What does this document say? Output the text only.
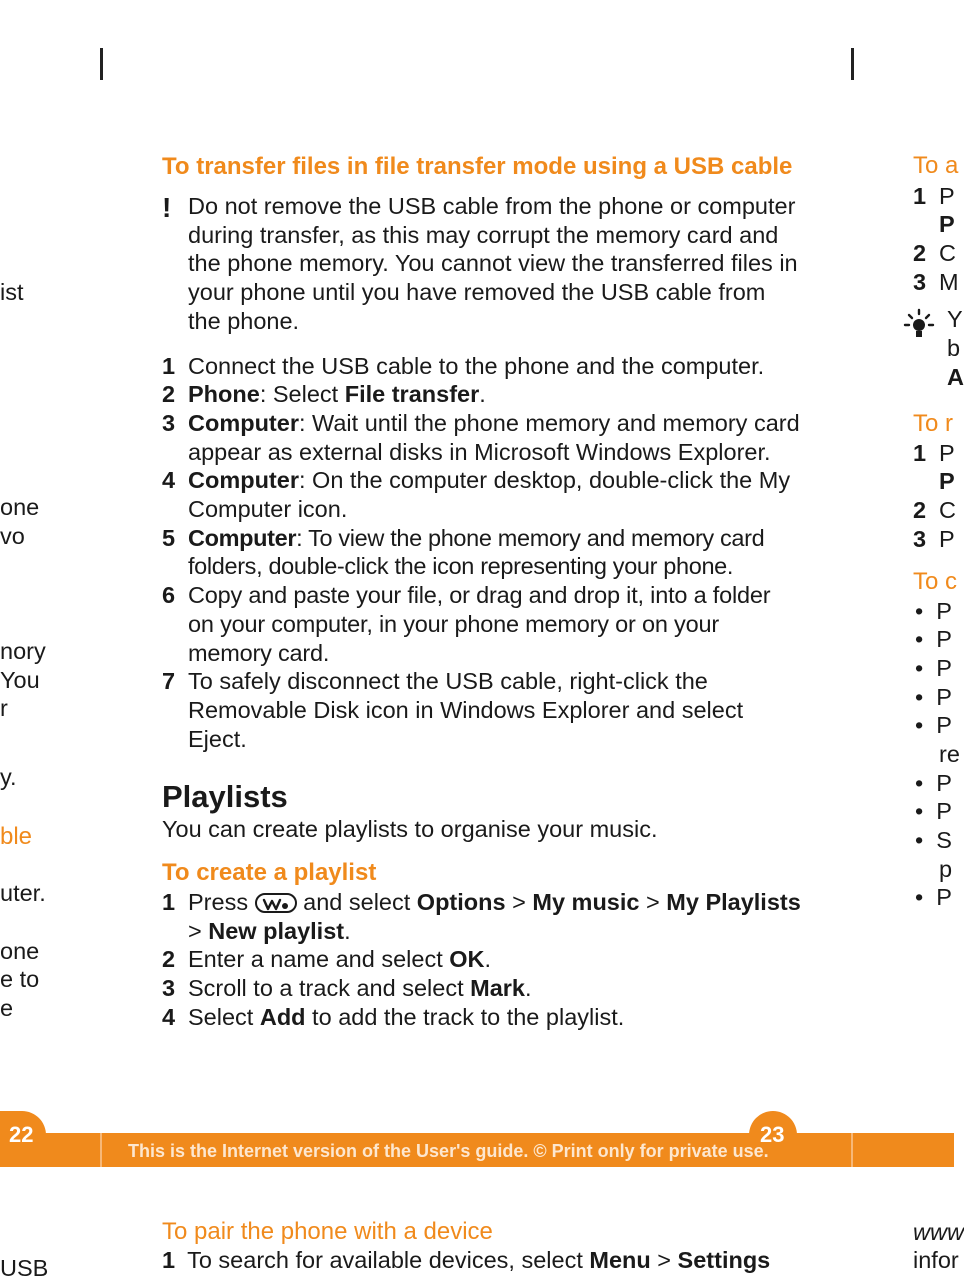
ist
one
vo
nory
You
r
y.
ble
uter.
one
e to
e
USB
To transfer files in file transfer mode using a USB cable
! Do not remove the USB cable from the phone or computer during transfer, as this may corrupt the memory card and the phone memory. You cannot view the transferred files in your phone until you have removed the USB cable from the phone.
1 Connect the USB cable to the phone and the computer.
2 Phone: Select File transfer.
3 Computer: Wait until the phone memory and memory card appear as external disks in Microsoft Windows Explorer.
4 Computer: On the computer desktop, double-click the My Computer icon.
5 Computer: To view the phone memory and memory card folders, double-click the icon representing your phone.
6 Copy and paste your file, or drag and drop it, into a folder on your computer, in your phone memory or on your memory card.
7 To safely disconnect the USB cable, right-click the Removable Disk icon in Windows Explorer and select Eject.
Playlists
You can create playlists to organise your music.
To create a playlist
1 Press
and select Options > My music > My Playlists > New playlist.
2 Enter a name and select OK.
3 Scroll to a track and select Mark.
4 Select Add to add the track to the playlist.
To pair the phone with a device
1 To search for available devices, select Menu > Settings
To a
1 P
P
2 C
3 M
Y
b
A
To r
1 P
P
2 C
3 P
To c
•  P
•  P
•  P
•  P
•  P
re
•  P
•  P
•  S
p
•  P
www
infor
22	23
This is the Internet version of the User's guide. © Print only for private use.
